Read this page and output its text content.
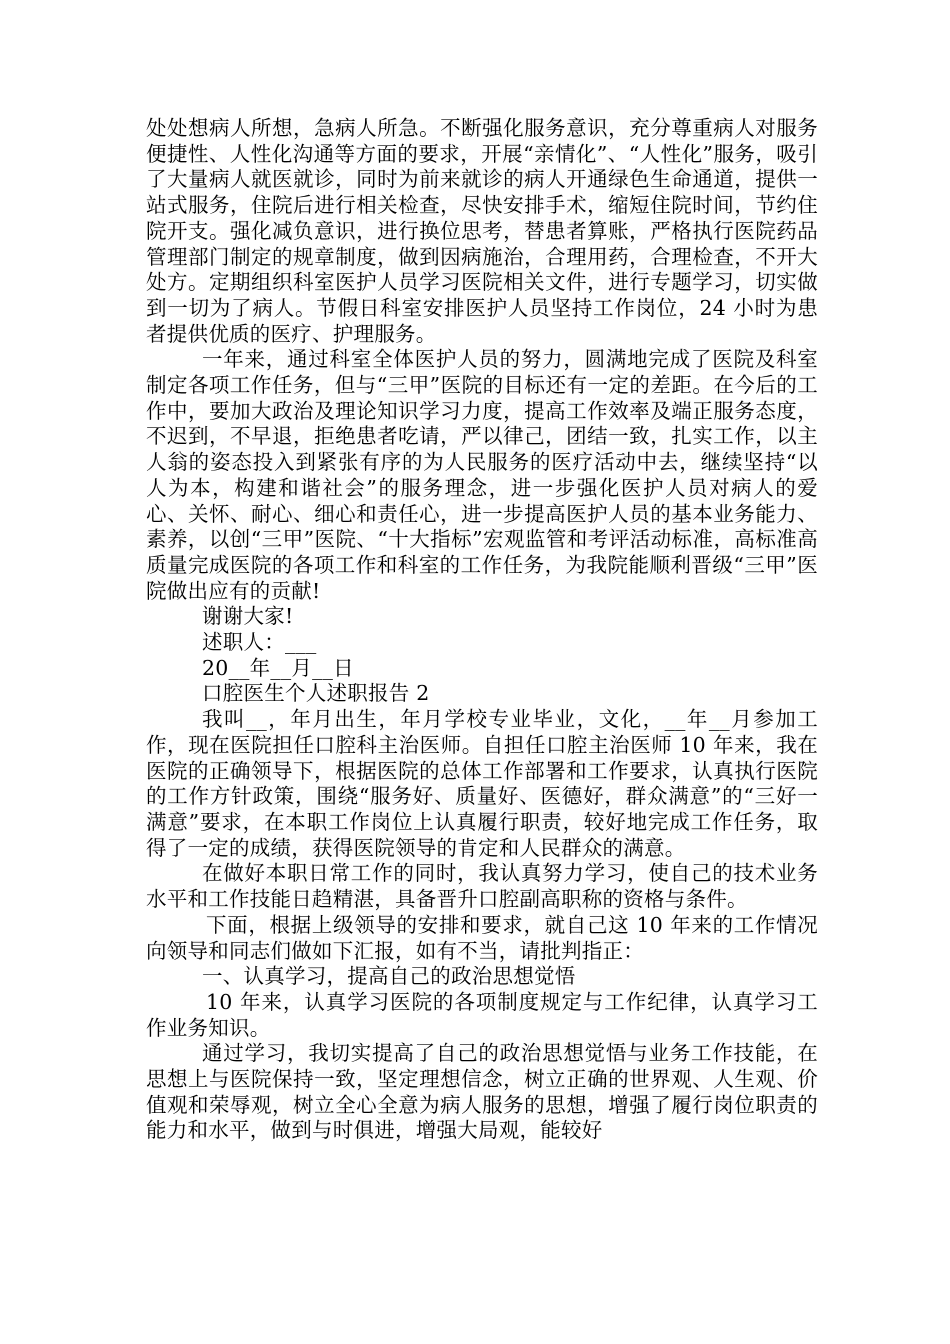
处处想病人所想，急病人所急。不断强化服务意识，充分尊重病人对服务便捷性、人性化沟通等方面的要求，开展“亲情化”、“人性化”服务，吸引了大量病人就医就诊，同时为前来就诊的病人开通绿色生命通道，提供一站式服务，住院后进行相关检查，尽快安排手术，缩短住院时间，节约住院开支。强化减负意识，进行换位思考，替患者算账，严格执行医院药品管理部门制定的规章制度，做到因病施治，合理用药，合理检查，不开大处方。定期组织科室医护人员学习医院相关文件，进行专题学习，切实做到一切为了病人。节假日科室安排医护人员坚持工作岗位，24 小时为患者提供优质的医疗、护理服务。

一年来，通过科室全体医护人员的努力，圆满地完成了医院及科室制定各项工作任务，但与“三甲”医院的目标还有一定的差距。在今后的工作中，要加大政治及理论知识学习力度，提高工作效率及端正服务态度，不迟到，不早退，拒绝患者吃请，严以律己，团结一致，扎实工作，以主人翁的姿态投入到紧张有序的为人民服务的医疗活动中去，继续坚持“以人为本，构建和谐社会”的服务理念，进一步强化医护人员对病人的爱心、关怀、耐心、细心和责任心，进一步提高医护人员的基本业务能力、素养，以创“三甲”医院、“十大指标”宏观监管和考评活动标准，高标准高质量完成医院的各项工作和科室的工作任务，为我院能顺利晋级“三甲”医院做出应有的贡献!

谢谢大家!

述职人：___

20__年__月__日

口腔医生个人述职报告 2

我叫__，年月出生，年月学校专业毕业，文化，__年__月参加工作，现在医院担任口腔科主治医师。自担任口腔主治医师 10 年来，我在医院的正确领导下，根据医院的总体工作部署和工作要求，认真执行医院的工作方针政策，围绕“服务好、质量好、医德好，群众满意”的“三好一满意”要求，在本职工作岗位上认真履行职责，较好地完成工作任务，取得了一定的成绩，获得医院领导的肯定和人民群众的满意。

在做好本职日常工作的同时，我认真努力学习，使自己的技术业务水平和工作技能日趋精湛，具备晋升口腔副高职称的资格与条件。

下面，根据上级领导的安排和要求，就自己这 10 年来的工作情况向领导和同志们做如下汇报，如有不当，请批判指正：

一、认真学习，提高自己的政治思想觉悟

10 年来，认真学习医院的各项制度规定与工作纪律，认真学习工作业务知识。

通过学习，我切实提高了自己的政治思想觉悟与业务工作技能，在思想上与医院保持一致，坚定理想信念，树立正确的世界观、人生观、价值观和荣辱观，树立全心全意为病人服务的思想，增强了履行岗位职责的能力和水平，做到与时俱进，增强大局观，能较好
